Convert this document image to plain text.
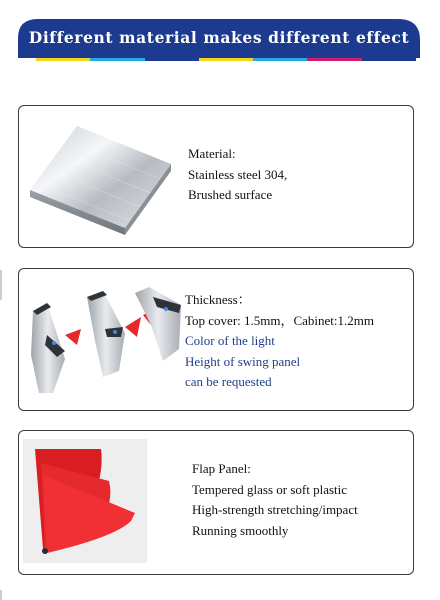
Different material makes different effect
Material:
Stainless steel 304,
Brushed surface
Thickness：
Top cover: 1.5mm，Cabinet:1.2mm
Color of the light
Height of swing panel
can be requested
Flap Panel:
Tempered glass or soft plastic
High-strength stretching/impact
Running smoothly
